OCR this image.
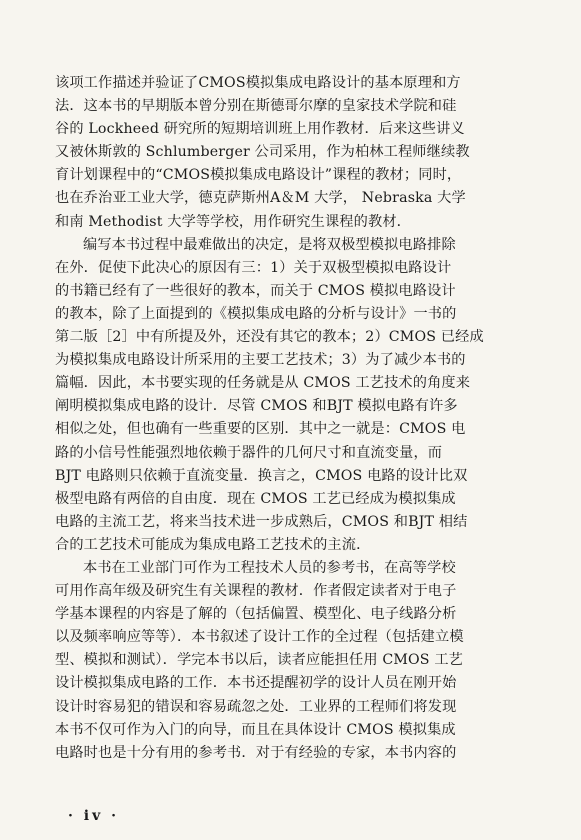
该项工作描述并验证了CMOS模拟集成电路设计的基本原理和方
法．这本书的早期版本曾分别在斯德哥尔摩的皇家技术学院和硅
谷的 Lockheed 研究所的短期培训班上用作教材．后来这些讲义
又被休斯敦的 Schlumberger 公司采用，作为柏林工程师继续教
育计划课程中的“CMOS模拟集成电路设计”课程的教材；同时，
也在乔治亚工业大学，德克萨斯州A＆M 大学， Nebraska 大学
和南 Methodist 大学等学校，用作研究生课程的教材．
编写本书过程中最难做出的决定，是将双极型模拟电路排除
在外．促使下此决心的原因有三：1）关于双极型模拟电路设计
的书籍已经有了一些很好的教本，而关于 CMOS 模拟电路设计
的教本，除了上面提到的《模拟集成电路的分析与设计》一书的
第二版［2］中有所提及外，还没有其它的教本；2）CMOS 已经成
为模拟集成电路设计所采用的主要工艺技术；3）为了减少本书的
篇幅．因此，本书要实现的任务就是从 CMOS 工艺技术的角度来
阐明模拟集成电路的设计．尽管 CMOS 和BJT 模拟电路有许多
相似之处，但也确有一些重要的区别．其中之一就是：CMOS 电
路的小信号性能强烈地依赖于器件的几何尺寸和直流变量，而
BJT 电路则只依赖于直流变量．换言之，CMOS 电路的设计比双
极型电路有两倍的自由度．现在 CMOS 工艺已经成为模拟集成
电路的主流工艺，将来当技术进一步成熟后，CMOS 和BJT 相结
合的工艺技术可能成为集成电路工艺技术的主流．
本书在工业部门可作为工程技术人员的参考书，在高等学校
可用作高年级及研究生有关课程的教材．作者假定读者对于电子
学基本课程的内容是了解的（包括偏置、模型化、电子线路分析
以及频率响应等等）．本书叙述了设计工作的全过程（包括建立模
型、模拟和测试）．学完本书以后，读者应能担任用 CMOS 工艺
设计模拟集成电路的工作．本书还提醒初学的设计人员在刚开始
设计时容易犯的错误和容易疏忽之处．工业界的工程师们将发现
本书不仅可作为入门的向导，而且在具体设计 CMOS 模拟集成
电路时也是十分有用的参考书．对于有经验的专家，本书内容的
· iv ·
